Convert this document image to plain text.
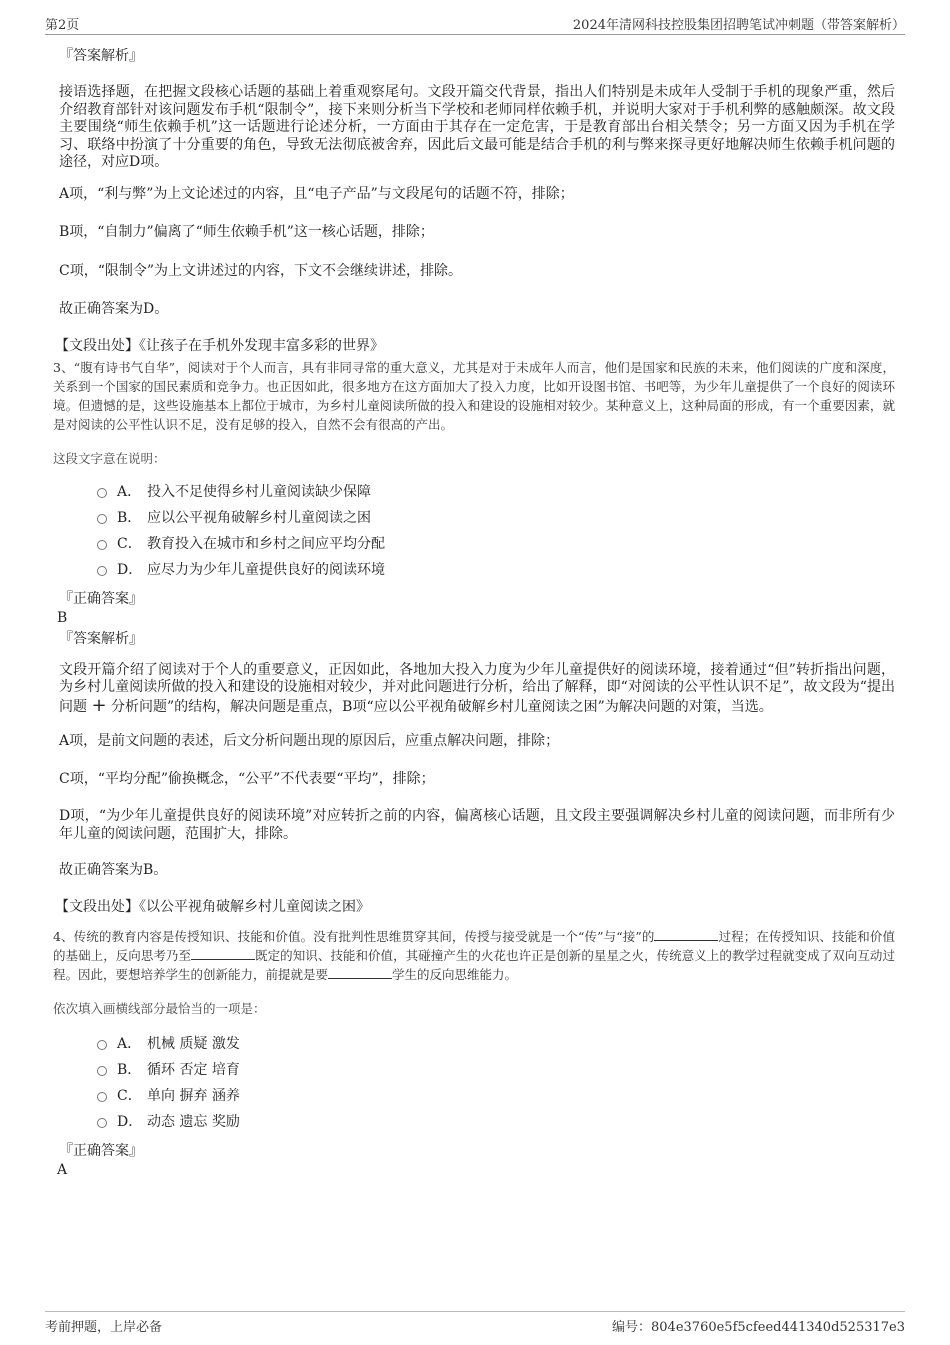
第2页	2024年清网科技控股集团招聘笔试冲刺题（带答案解析）

『答案解析』

接语选择题，在把握文段核心话题的基础上着重观察尾句。文段开篇交代背景，指出人们特别是未成年人受制于手机的现象严重，然后介绍教育部针对该问题发布手机“限制令”，接下来则分析当下学校和老师同样依赖手机，并说明大家对于手机利弊的感触颇深。故文段主要围绕“师生依赖手机”这一话题进行论述分析，一方面由于其存在一定危害，于是教育部出台相关禁令；另一方面又因为手机在学习、联络中扮演了十分重要的角色，导致无法彻底被舍弃，因此后文最可能是结合手机的利与弊来探寻更好地解决师生依赖手机问题的途径，对应D项。

A项，“利与弊”为上文论述过的内容，且“电子产品”与文段尾句的话题不符，排除；

B项，“自制力”偏离了“师生依赖手机”这一核心话题，排除；

C项，“限制令”为上文讲述过的内容，下文不会继续讲述，排除。

故正确答案为D。

【文段出处】《让孩子在手机外发现丰富多彩的世界》

3、“腹有诗书气自华”，阅读对于个人而言，具有非同寻常的重大意义，尤其是对于未成年人而言，他们是国家和民族的未来，他们阅读的广度和深度，关系到一个国家的国民素质和竞争力。也正因如此，很多地方在这方面加大了投入力度，比如开设图书馆、书吧等，为少年儿童提供了一个良好的阅读环境。但遗憾的是，这些设施基本上都位于城市，为乡村儿童阅读所做的投入和建设的设施相对较少。某种意义上，这种局面的形成，有一个重要因素，就是对阅读的公平性认识不足，没有足够的投入，自然不会有很高的产出。

这段文字意在说明：

A． 投入不足使得乡村儿童阅读缺少保障
B． 应以公平视角破解乡村儿童阅读之困
C． 教育投入在城市和乡村之间应平均分配
D． 应尽力为少年儿童提供良好的阅读环境

『正确答案』

B

『答案解析』

文段开篇介绍了阅读对于个人的重要意义，正因如此，各地加大投入力度为少年儿童提供好的阅读环境，接着通过“但”转折指出问题，为乡村儿童阅读所做的投入和建设的设施相对较少，并对此问题进行分析，给出了解释，即“对阅读的公平性认识不足”，故文段为“提出问题 + 分析问题”的结构，解决问题是重点，B项“应以公平视角破解乡村儿童阅读之困”为解决问题的对策，当选。

A项，是前文问题的表述，后文分析问题出现的原因后，应重点解决问题，排除；

C项，“平均分配”偷换概念，“公平”不代表要“平均”，排除；

D项，“为少年儿童提供良好的阅读环境”对应转折之前的内容，偏离核心话题，且文段主要强调解决乡村儿童的阅读问题，而非所有少年儿童的阅读问题，范围扩大，排除。

故正确答案为B。

【文段出处】《以公平视角破解乡村儿童阅读之困》

4、传统的教育内容是传授知识、技能和价值。没有批判性思维贯穿其间，传授与接受就是一个“传”与“接”的	过程；在传授知识、技能和价值的基础上，反向思考乃至	既定的知识、技能和价值，其碰撞产生的火花也许正是创新的星星之火，传统意义上的教学过程就变成了双向互动过程。因此，要想培养学生的创新能力，前提就是要	学生的反向思维能力。

依次填入画横线部分最恰当的一项是：

A． 机械 质疑 激发
B． 循环 否定 培育
C． 单向 摒弃 涵养
D． 动态 遗忘 奖励

『正确答案』

A

考前押题，上岸必备	编号：804e3760e5f5cfeed441340d525317e3
